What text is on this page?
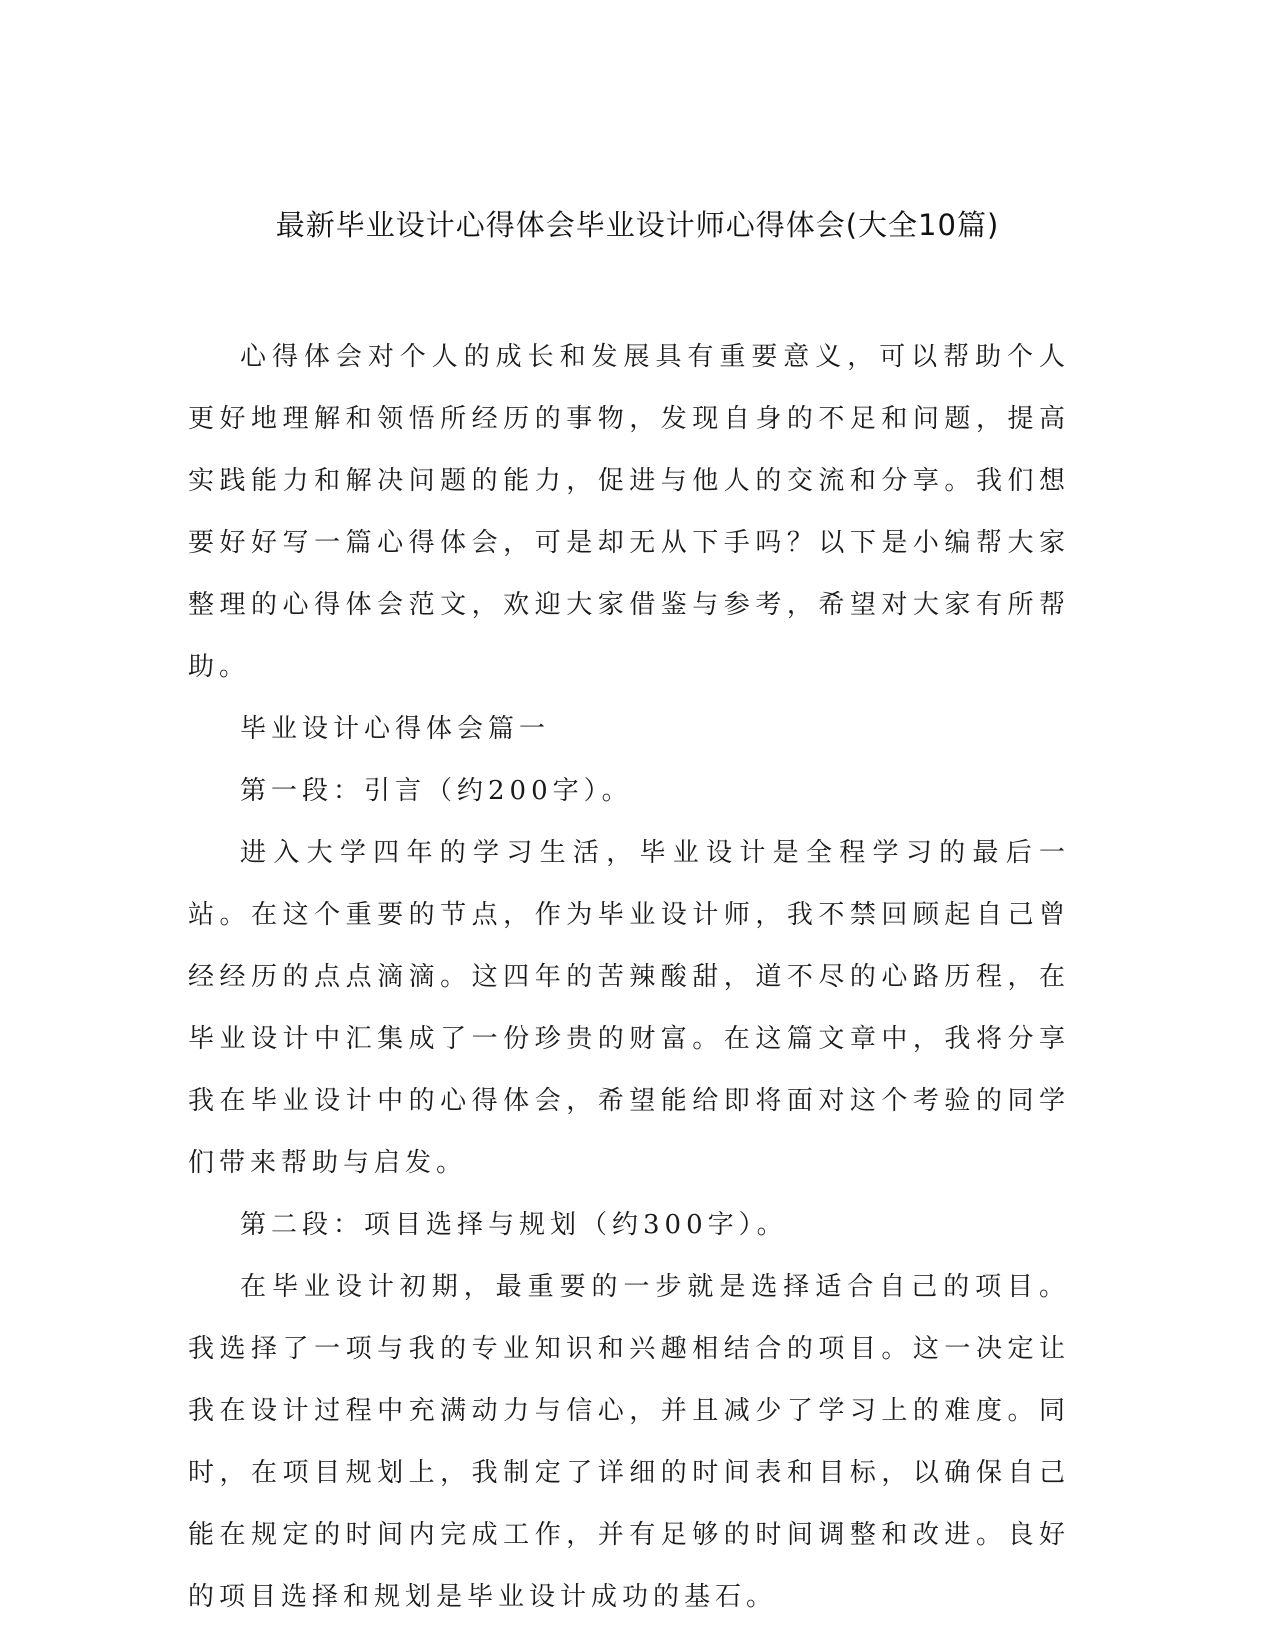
最新毕业设计心得体会毕业设计师心得体会(大全10篇)

心得体会对个人的成长和发展具有重要意义，可以帮助个人更好地理解和领悟所经历的事物，发现自身的不足和问题，提高实践能力和解决问题的能力，促进与他人的交流和分享。我们想要好好写一篇心得体会，可是却无从下手吗？以下是小编帮大家整理的心得体会范文，欢迎大家借鉴与参考，希望对大家有所帮助。

毕业设计心得体会篇一

第一段：引言（约200字）。

进入大学四年的学习生活，毕业设计是全程学习的最后一站。在这个重要的节点，作为毕业设计师，我不禁回顾起自己曾经经历的点点滴滴。这四年的苦辣酸甜，道不尽的心路历程，在毕业设计中汇集成了一份珍贵的财富。在这篇文章中，我将分享我在毕业设计中的心得体会，希望能给即将面对这个考验的同学们带来帮助与启发。

第二段：项目选择与规划（约300字）。

在毕业设计初期，最重要的一步就是选择适合自己的项目。我选择了一项与我的专业知识和兴趣相结合的项目。这一决定让我在设计过程中充满动力与信心，并且减少了学习上的难度。同时，在项目规划上，我制定了详细的时间表和目标，以确保自己能在规定的时间内完成工作，并有足够的时间调整和改进。良好的项目选择和规划是毕业设计成功的基石。
